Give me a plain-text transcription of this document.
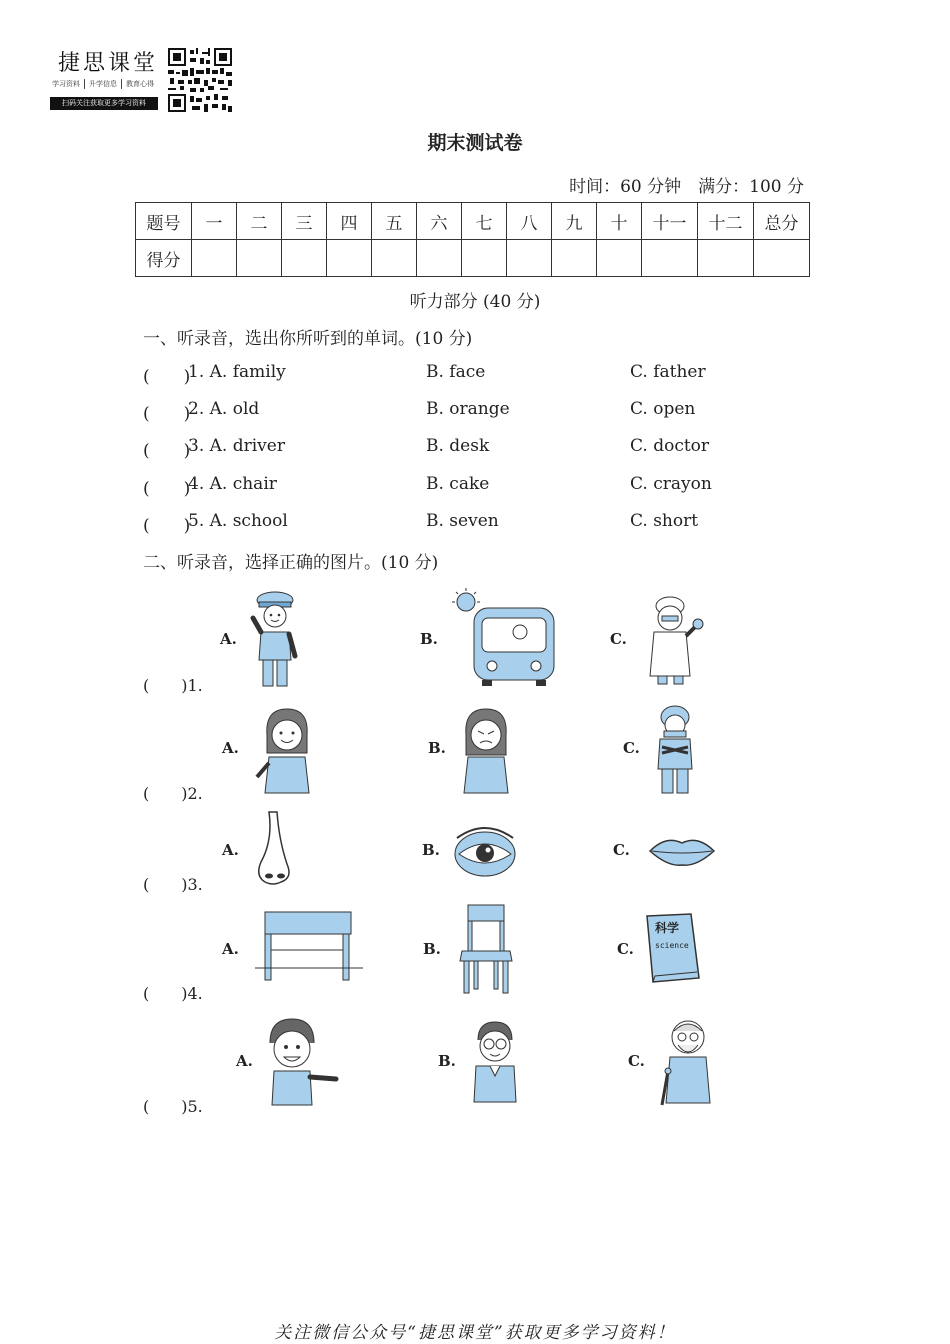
捷思课堂
学习资料	升学信息	教育心得
扫码关注获取更多学习资料
期末测试卷
时间：60 分钟　满分：100 分
题号	一	二	三	四	五	六	七	八	九	十	十一	十二	总分
得分													
听力部分 (40 分)
一、听录音，选出你所听到的单词。(10 分)
(　　)
1. A. family	B. face	C. father
(　　)
2. A. old	B. orange	C. open
(　　)
3. A. driver	B. desk	C. doctor
(　　)
4. A. chair	B. cake	C. crayon
(　　)
5. A. school	B. seven	C. short
二、听录音，选择正确的图片。(10 分)
(　　)1.
A.	B.	C.
(　　)2.
A.	B.	C.
(　　)3.
A.	B.	C.
(　　)4.
A.	B.	C.
科学
science
(　　)5.
A.	B.	C.
关注微信公众号“捷思课堂”获取更多学习资料！
